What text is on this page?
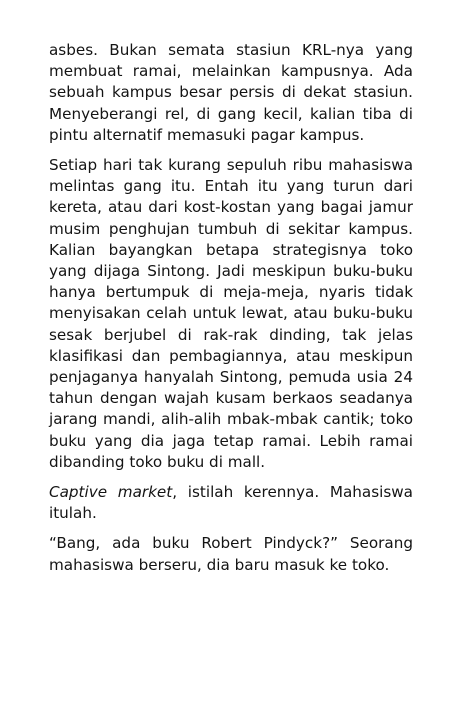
asbes. Bukan semata stasiun KRL-nya yang membuat ramai, melainkan kampusnya. Ada sebuah kampus besar persis di dekat stasiun. Menyeberangi rel, di gang kecil, kalian tiba di pintu alternatif memasuki pagar kampus.

Setiap hari tak kurang sepuluh ribu mahasiswa melintas gang itu. Entah itu yang turun dari kereta, atau dari kost-kostan yang bagai jamur musim penghujan tumbuh di sekitar kampus. Kalian bayangkan betapa strategisnya toko yang dijaga Sintong. Jadi meskipun buku-buku hanya bertumpuk di meja-meja, nyaris tidak menyisakan celah untuk lewat, atau buku-buku sesak berjubel di rak-rak dinding, tak jelas klasifikasi dan pembagiannya, atau meskipun penjaganya hanyalah Sintong, pemuda usia 24 tahun dengan wajah kusam berkaos seadanya jarang mandi, alih-alih mbak-mbak cantik; toko buku yang dia jaga tetap ramai. Lebih ramai dibanding toko buku di mall.

Captive market, istilah kerennya. Mahasiswa itulah.

“Bang, ada buku Robert Pindyck?” Seorang mahasiswa berseru, dia baru masuk ke toko.
